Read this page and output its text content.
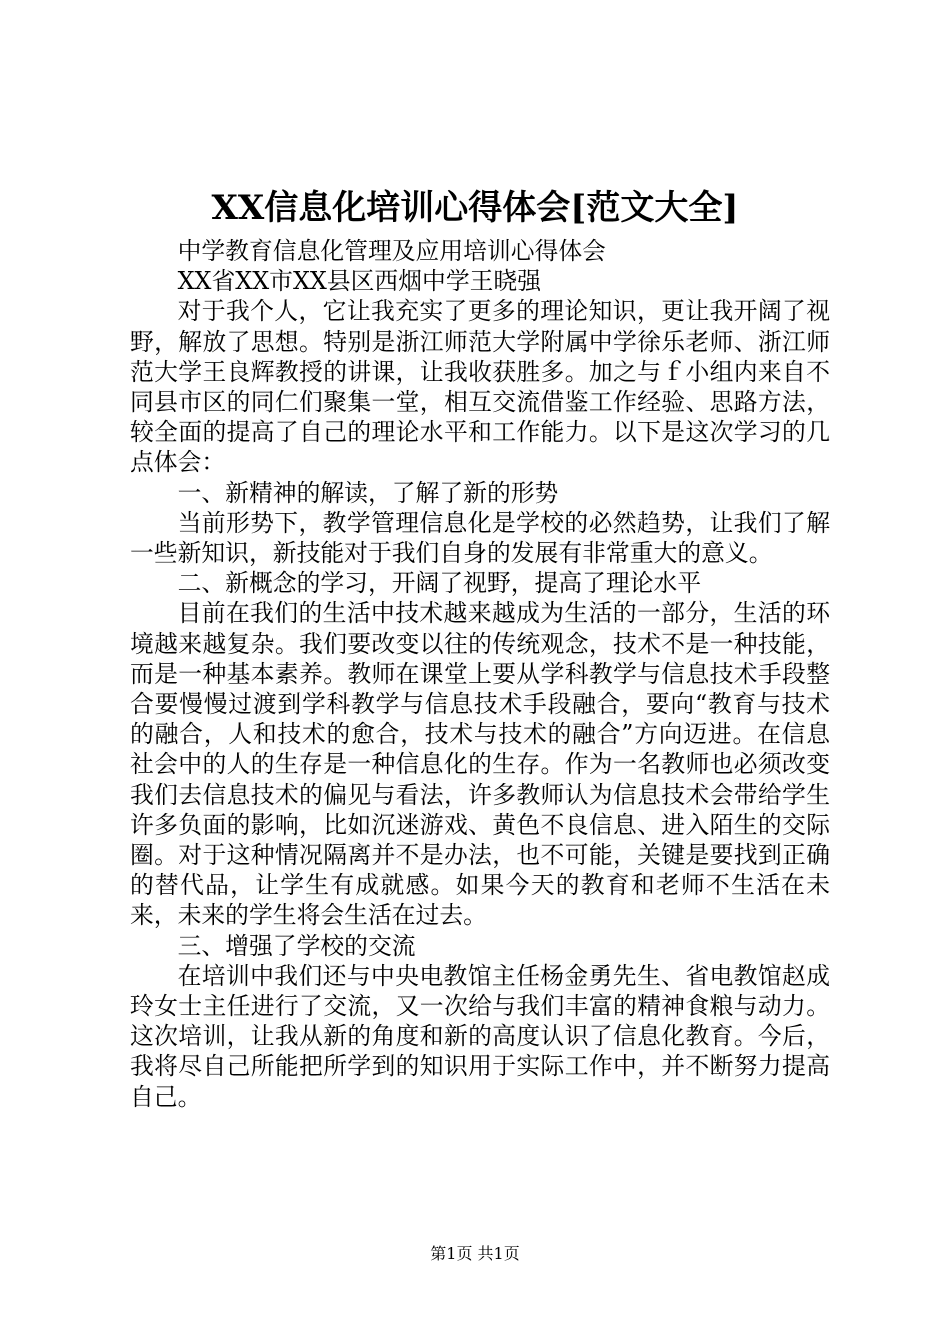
XX信息化培训心得体会[范文大全]

中学教育信息化管理及应用培训心得体会

XX省XX市XX县区西烟中学王晓强

对于我个人，它让我充实了更多的理论知识，更让我开阔了视野，解放了思想。特别是浙江师范大学附属中学徐乐老师、浙江师范大学王良辉教授的讲课，让我收获胜多。加之与ｆ小组内来自不同县市区的同仁们聚集一堂，相互交流借鉴工作经验、思路方法，较全面的提高了自己的理论水平和工作能力。以下是这次学习的几点体会：

一、新精神的解读，了解了新的形势

当前形势下，教学管理信息化是学校的必然趋势，让我们了解一些新知识，新技能对于我们自身的发展有非常重大的意义。

二、新概念的学习，开阔了视野，提高了理论水平

目前在我们的生活中技术越来越成为生活的一部分，生活的环境越来越复杂。我们要改变以往的传统观念，技术不是一种技能，而是一种基本素养。教师在课堂上要从学科教学与信息技术手段整合要慢慢过渡到学科教学与信息技术手段融合，要向“教育与技术的融合，人和技术的愈合，技术与技术的融合”方向迈进。在信息社会中的人的生存是一种信息化的生存。作为一名教师也必须改变我们去信息技术的偏见与看法，许多教师认为信息技术会带给学生许多负面的影响，比如沉迷游戏、黄色不良信息、进入陌生的交际圈。对于这种情况隔离并不是办法，也不可能，关键是要找到正确的替代品，让学生有成就感。如果今天的教育和老师不生活在未来，未来的学生将会生活在过去。

三、增强了学校的交流

在培训中我们还与中央电教馆主任杨金勇先生、省电教馆赵成玲女士主任进行了交流，又一次给与我们丰富的精神食粮与动力。这次培训，让我从新的角度和新的高度认识了信息化教育。今后，我将尽自己所能把所学到的知识用于实际工作中，并不断努力提高自己。

第1页 共1页
